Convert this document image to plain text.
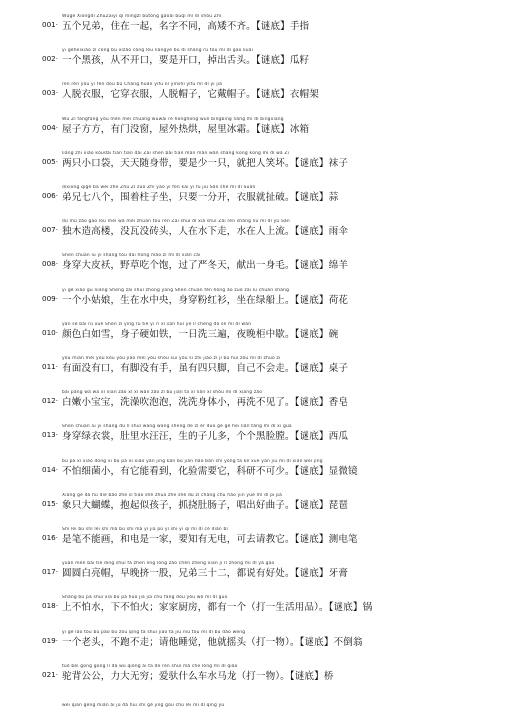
Wǔgè Xiōngdì ZhùZàiyì qǐ míngzì bùtóng gāoǎi bùqí mí dǐ shǒu Zhǐ
001· 五个兄弟，住在一起，名字不同，高矮不齐。【谜底】手指
yī gèhēixiǎo zǐ cóng bù xǐzǎo cóng lóu liàngyě bù dì shàng rǔ tóu mí dǐ gāo kuài
002· 一个黑孩，从不开口，要是开口，掉出舌头。【谜底】瓜籽
rén rén yǒu yī fèn dōu bù Cháng huàn yīfu nǐ yǐnshí yǐfu mí dǐ yī jià
003· 人脱衣服，它穿衣服，人脱帽子，它戴帽子。【谜底】衣帽架
Wū Zǐ fāngfāng yǒu mén méi chuāng wūwài rè hōnghōng wūlǐ bīngbīng liáng mí dǐ bīngxiāng
004· 屋子方方，有门没窗，屋外热烘，屋里冰霜。【谜底】冰箱
liǎng zhī xiǎo kǒudài tiān tiān dài Zài shēn bái tiān mǎn mǎn wǎn shàng kōng kōng mí dǐ wà Zi
005· 两只小口袋，天天随身带，要是少一只，就把人笑坏。【谜底】袜子
dìxiōng qīgè bā wéi zhe Zhù Zǐ zuò Zhǐ yào yī fēn kāi yī fu jiù Sǎn shè mí dǐ Suàn
006· 弟兄七八个，围着柱子坐，只要一分开，衣服就扯破。【谜底】蒜
dú mù zào gāo lóu méi wǎ méi zhuān tóu rén Zài shuǐ dǐ xià shuǐ Zài rén shàng liú mí dǐ yǔ Sǎn
007· 独木造高楼，没瓦没砖头，人在水下走，水在人上流。【谜底】雨伞
Shēn chuān lǜ yī shang tóu dài hóng mào zi mí dǐ xiàn cài
008· 身穿大皮袄，野草吃个饱，过了严冬天，献出一身毛。【谜底】绵羊
yī gè xiǎo gū niáng Shēng zài shuǐ zhōng yāng Shēn chuān fěn hóng ǎo zuò zài lǜ chuán shàng
009· 一个小姑娘，生在水中央，身穿粉红衫，坐在绿船上。【谜底】荷花
yán sè bái rú xuě Shēn zǐ yìng rú tiě yī rì xǐ sān huí yè lǐ chéng dǎ sè mí dǐ wǎn
010· 颜色白如雪，身子硬如铁，一日洗三遍，夜晚柜中歇。【谜底】碗
yǒu miàn méi yǒu kǒu yǒu jiǎo méi yǒu shǒu suī yǒu sì zhī jiǎo zì jǐ bù huì zǒu mí dǐ zhuō zi
011· 有面没有口，有脚没有手，虽有四只脚，自己不会走。【谜底】桌子
bái pàng wá wa xǐ xiān zǎo xǐ xǐ wán zǎo zǐ bù jiàn tā xǐ liǎn xǐ shǒu mí dǐ xiāng zào
012· 白嫩小宝宝，洗澡吹泡泡，洗洗身体小，再洗不见了。【谜底】香皂
Shēn chuān lǜ yī shang dù lǐ shuǐ wāng wāng shēng de zǐ ér duō gè gè hēi liǎn táng mí dǐ xī guā
013· 身穿绿衣裳，肚里水汪汪，生的子儿多，个个黑脸膛。【谜底】西瓜
bù pà xì xiǎo dōng xi bù pà xì xiǎo yǎn jīng kàn bù jiàn hǎo bàn shǐ yòng tā kē xué yán jiū mí dǐ xiǎn wēi jìng
014· 不怕细菌小，有它能看到，化验需要它，科研不可少。【谜底】显微镜
Xiàng gè dà hú dié bào zhe sì tiáo shé zhuā zhe shé dù zǐ chàng chū hǎo yīn yuè mí dǐ pí pá
015· 象只大蝴蝶，抱起似孩子，抓挠肚肠子，唱出好曲子。【谜底】琵琶
Shì lěi bù shì lěi shì mǎ bù shì mǎ yì jiā pǔ yǐ shì yī qì mí dǐ cè diàn bǐ
016· 是笔不能画，和电是一家，要知有无电，可去请教它。【谜底】测电笔
yuán mén bái tiě dīng shuǐ fǎ zhēn líng lóng zǎo chén zhēng xiān jǐ rì zhōng mí dǐ yá gāo
017· 圆圆白亮帽，早晚挤一股，兄弟三十二，都说有好处。【谜底】牙膏
Shàng bù pà shuǐ xià bù pà huǒ jiā jiā chú fáng dōu yǒu wǒ mí dǐ guō
018· 上不怕水，下不怕火；家家厨房，都有一个（打一生活用品）。【谜底】锅
yī gè lǎo tóu bù pǎo bù zǒu qǐng tā shuì jiào tā jiù niǔ tóu mí dǐ bù dào wēng
019· 一个老头，不跑不走；请他睡觉，他就摇头（打一物）。【谜底】不倒翁
tuó bèi gōng gong lì dà wú qióng ài tā de rén shuǐ mǎ chē lóng mí dǐ qiáo
021· 驼背公公，力大无穷；爱驮什么车水马龙（打一物）。【谜底】桥
wèi qiān gèng mián ài jù dǎ huī shì ɡè jīnɡ ɡòu chù lèi mí dǐ qìnɡ yù
